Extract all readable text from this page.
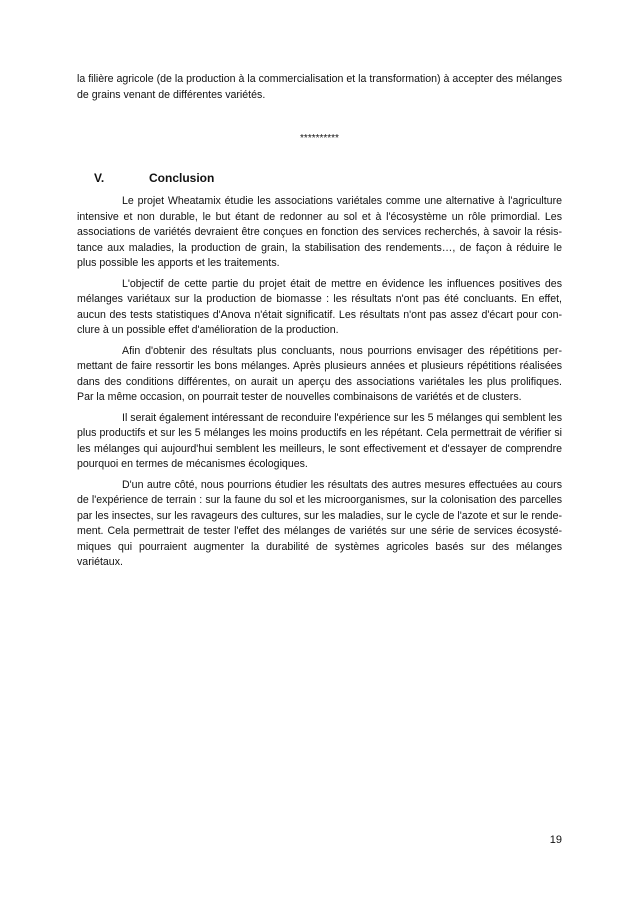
la filière agricole (de la production à la commercialisation et la transformation) à accepter des mélanges de grains venant de différentes variétés.

**********
V.	Conclusion

Le projet Wheatamix étudie les associations variétales comme une alternative à l'agriculture intensive et non durable, le but étant de redonner au sol et à l'écosystème un rôle primordial. Les associations de variétés devraient être conçues en fonction des services recherchés, à savoir la résis-tance aux maladies, la production de grain, la stabilisation des rendements…, de façon à réduire le plus possible les apports et les traitements.

L'objectif de cette partie du projet était de mettre en évidence les influences positives des mélanges variétaux sur la production de biomasse : les résultats n'ont pas été concluants. En effet, aucun des tests statistiques d'Anova n'était significatif. Les résultats n'ont pas assez d'écart pour con-clure à un possible effet d'amélioration de la production.

Afin d'obtenir des résultats plus concluants, nous pourrions envisager des répétitions per-mettant de faire ressortir les bons mélanges. Après plusieurs années et plusieurs répétitions réalisées dans des conditions différentes, on aurait un aperçu des associations variétales les plus prolifiques. Par la même occasion, on pourrait tester de nouvelles combinaisons de variétés et de clusters.

Il serait également intéressant de reconduire l'expérience sur les 5 mélanges qui semblent les plus productifs et sur les 5 mélanges les moins productifs en les répétant. Cela permettrait de vérifier si les mélanges qui aujourd'hui semblent les meilleurs, le sont effectivement et d'essayer de comprendre pourquoi en termes de mécanismes écologiques.

D'un autre côté, nous pourrions étudier les résultats des autres mesures effectuées au cours de l'expérience de terrain : sur la faune du sol et les microorganismes, sur la colonisation des parcelles par les insectes, sur les ravageurs des cultures, sur les maladies, sur le cycle de l'azote et sur le rende-ment. Cela permettrait de tester l'effet des mélanges de variétés sur une série de services écosysté-miques qui pourraient augmenter la durabilité de systèmes agricoles basés sur des mélanges variétaux.

19
